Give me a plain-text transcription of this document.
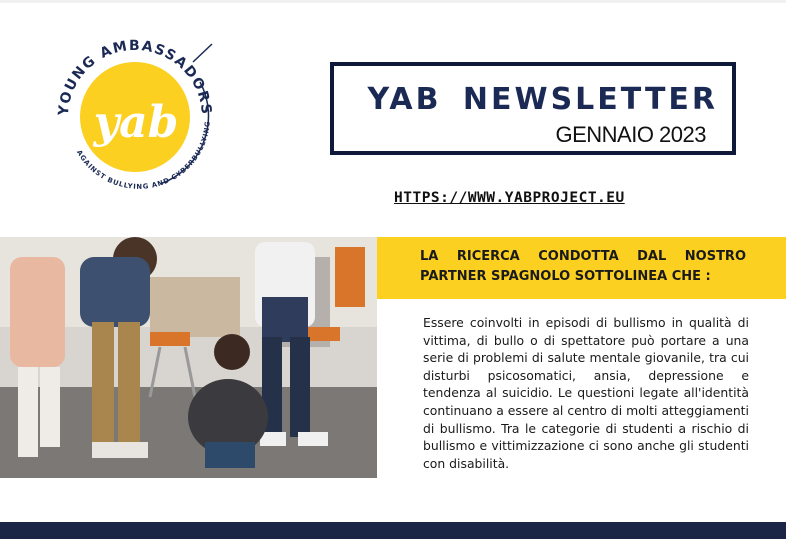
YOUNG AMBASSADORS
AGAINST BULLYING AND CYBERBULLYING
yab	YAB NEWSLETTER
GENNAIO 2023
HTTPS://WWW.YABPROJECT.EU
LA RICERCA CONDOTTA DAL NOSTRO PARTNER SPAGNOLO SOTTOLINEA CHE :
Essere coinvolti in episodi di bullismo in qualità di vittima, di bullo o di spettatore può portare a una serie di problemi di salute mentale giovanile, tra cui disturbi psicosomatici, ansia, depressione e tendenza al suicidio. Le questioni legate all'identità continuano a essere al centro di molti atteggiamenti di bullismo. Tra le categorie di studenti a rischio di bullismo e vittimizzazione ci sono anche gli studenti con disabilità.
